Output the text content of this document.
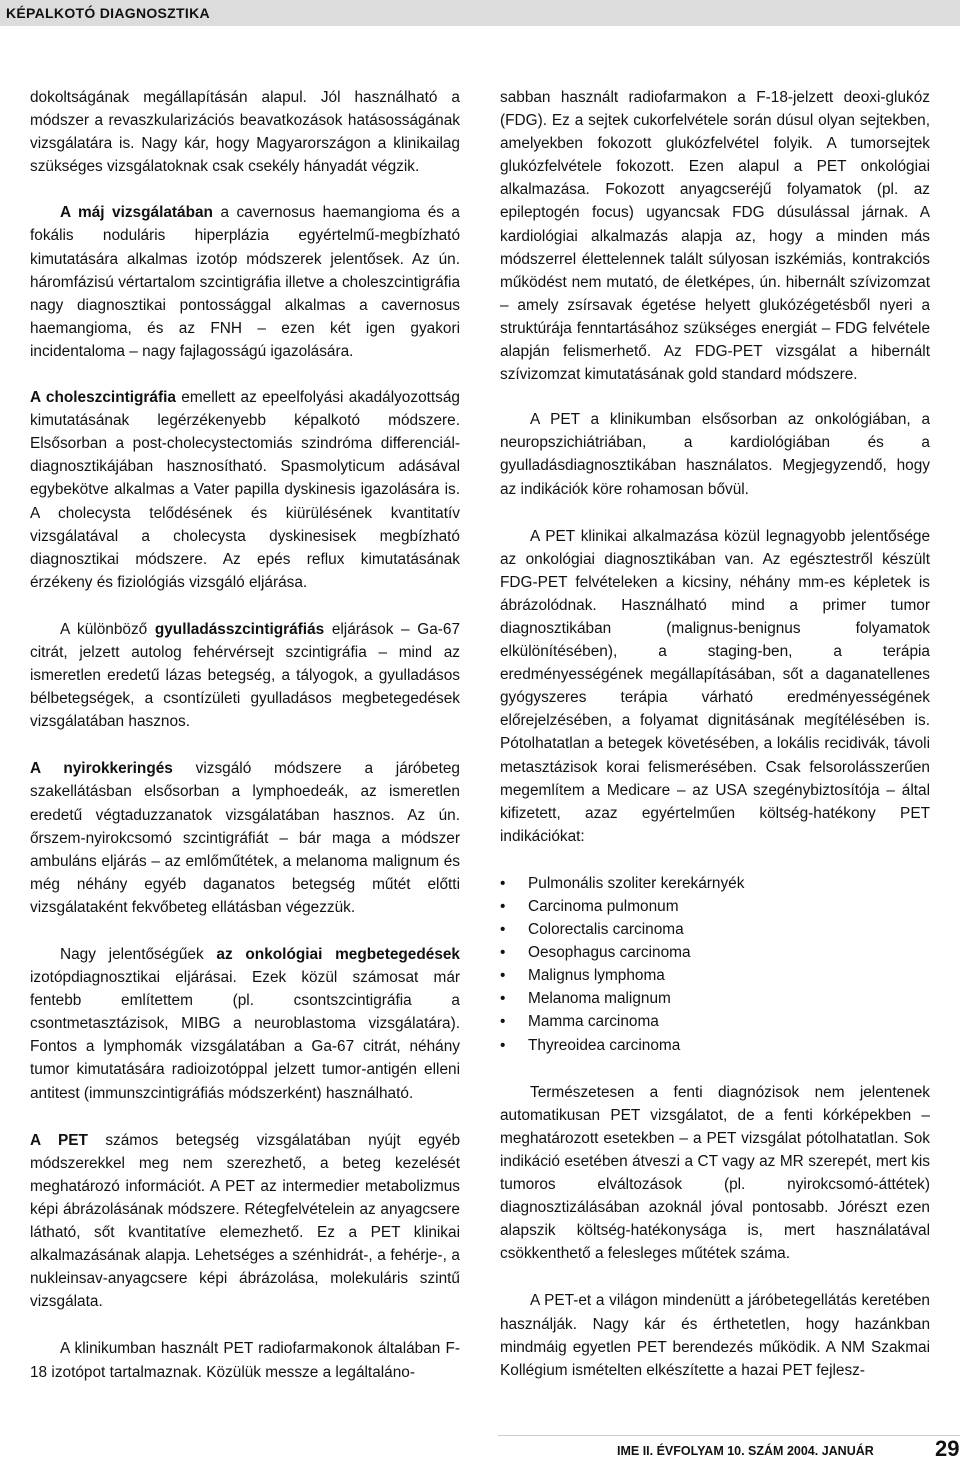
KÉPALKOTÓ DIAGNOSZTIKA

dokoltságának megállapításán alapul. Jól használható a módszer a revaszkularizációs beavatkozások hatásosságának vizsgálatára is. Nagy kár, hogy Magyarországon a klinikailag szükséges vizsgálatoknak csak csekély hányadát végzik.

A máj vizsgálatában a cavernosus haemangioma és a fokális noduláris hiperplázia egyértelmű-megbízható kimutatására alkalmas izotóp módszerek jelentősek. Az ún. háromfázisú vértartalom szcintigráfia illetve a choleszcintigráfia nagy diagnosztikai pontossággal alkalmas a cavernosus haemangioma, és az FNH – ezen két igen gyakori incidentaloma – nagy fajlagosságú igazolására.

A choleszcintigráfia emellett az epeelfolyási akadályozottság kimutatásának legérzékenyebb képalkotó módszere. Elsősorban a post-cholecystectomiás szindróma differenciál-diagnosztikájában hasznosítható. Spasmolyticum adásával egybekötve alkalmas a Vater papilla dyskinesis igazolására is. A cholecysta telődésének és kiürülésének kvantitatív vizsgálatával a cholecysta dyskinesisek megbízható diagnosztikai módszere. Az epés reflux kimutatásának érzékeny és fiziológiás vizsgáló eljárása.

A különböző gyulladásszcintigráfiás eljárások – Ga-67 citrát, jelzett autolog fehérvérsejt szcintigráfia – mind az ismeretlen eredetű lázas betegség, a tályogok, a gyulladásos bélbetegségek, a csontízületi gyulladásos megbetegedések vizsgálatában hasznos.

A nyirokkeringés vizsgáló módszere a járóbeteg szakellátásban elsősorban a lymphoedeák, az ismeretlen eredetű végtaduzzanatok vizsgálatában hasznos. Az ún. őrszem-nyirokcsomó szcintigráfiát – bár maga a módszer ambuláns eljárás – az emlőműtétek, a melanoma malignum és még néhány egyéb daganatos betegség műtét előtti vizsgálataként fekvőbeteg ellátásban végezzük.

Nagy jelentőségűek az onkológiai megbetegedések izotópdiagnosztikai eljárásai. Ezek közül számosat már fentebb említettem (pl. csontszcintigráfia a csontmetasztázisok, MIBG a neuroblastoma vizsgálatára). Fontos a lymphomák vizsgálatában a Ga-67 citrát, néhány tumor kimutatására radioizotóppal jelzett tumor-antigén elleni antitest (immunszcintigráfiás módszerként) használható.

A PET számos betegség vizsgálatában nyújt egyéb módszerekkel meg nem szerezhető, a beteg kezelését meghatározó információt. A PET az intermedier metabolizmus képi ábrázolásának módszere. Rétegfelvételein az anyagcsere látható, sőt kvantitatíve elemezhető. Ez a PET klinikai alkalmazásának alapja. Lehetséges a szénhidrát-, a fehérje-, a nukleinsav-anyagcsere képi ábrázolása, molekuláris szintű vizsgálata.

A klinikumban használt PET radiofarmakonok általában F-18 izotópot tartalmaznak. Közülük messze a legáltaláno-

sabban használt radiofarmakon a F-18-jelzett deoxi-glukóz (FDG). Ez a sejtek cukorfelvétele során dúsul olyan sejtekben, amelyekben fokozott glukózfelvétel folyik. A tumorsejtek glukózfelvétele fokozott. Ezen alapul a PET onkológiai alkalmazása. Fokozott anyagcseréjű folyamatok (pl. az epileptogén focus) ugyancsak FDG dúsulással járnak. A kardiológiai alkalmazás alapja az, hogy a minden más módszerrel élettelennek talált súlyosan iszkémiás, kontrakciós működést nem mutató, de életképes, ún. hibernált szívizomzat – amely zsírsavak égetése helyett glukózégetésből nyeri a struktúrája fenntartásához szükséges energiát – FDG felvétele alapján felismerhető. Az FDG-PET vizsgálat a hibernált szívizomzat kimutatásának gold standard módszere.

A PET a klinikumban elsősorban az onkológiában, a neuropszichiátriában, a kardiológiában és a gyulladásdiagnosztikában használatos. Megjegyzendő, hogy az indikációk köre rohamosan bővül.

A PET klinikai alkalmazása közül legnagyobb jelentősége az onkológiai diagnosztikában van. Az egésztestről készült FDG-PET felvételeken a kicsiny, néhány mm-es képletek is ábrázolódnak. Használható mind a primer tumor diagnosztikában (malignus-benignus folyamatok elkülönítésében), a staging-ben, a terápia eredményességének megállapításában, sőt a daganatellenes gyógyszeres terápia várható eredményességének előrejelzésében, a folyamat dignitásának megítélésében is. Pótolhatatlan a betegek követésében, a lokális recidivák, távoli metasztázisok korai felismerésében. Csak felsorolásszerűen megemlítem a Medicare – az USA szegénybiztosítója – által kifizetett, azaz egyértelműen költség-hatékony PET indikációkat:

• Pulmonális szoliter kerekárnyék
• Carcinoma pulmonum
• Colorectalis carcinoma
• Oesophagus carcinoma
• Malignus lymphoma
• Melanoma malignum
• Mamma carcinoma
• Thyreoidea carcinoma

Természetesen a fenti diagnózisok nem jelentenek automatikusan PET vizsgálatot, de a fenti kórképekben – meghatározott esetekben – a PET vizsgálat pótolhatatlan. Sok indikáció esetében átveszi a CT vagy az MR szerepét, mert kis tumoros elváltozások (pl. nyirokcsomó-áttétek) diagnosztizálásában azoknál jóval pontosabb. Jórészt ezen alapszik költség-hatékonysága is, mert használatával csökkenthető a felesleges műtétek száma.

A PET-et a világon mindenütt a járóbetegellátás keretében használják. Nagy kár és érthetetlen, hogy hazánkban mindmáig egyetlen PET berendezés működik. A NM Szakmai Kollégium ismételten elkészítette a hazai PET fejlesz-

IME II. ÉVFOLYAM 10. SZÁM 2004. JANUÁR	29
